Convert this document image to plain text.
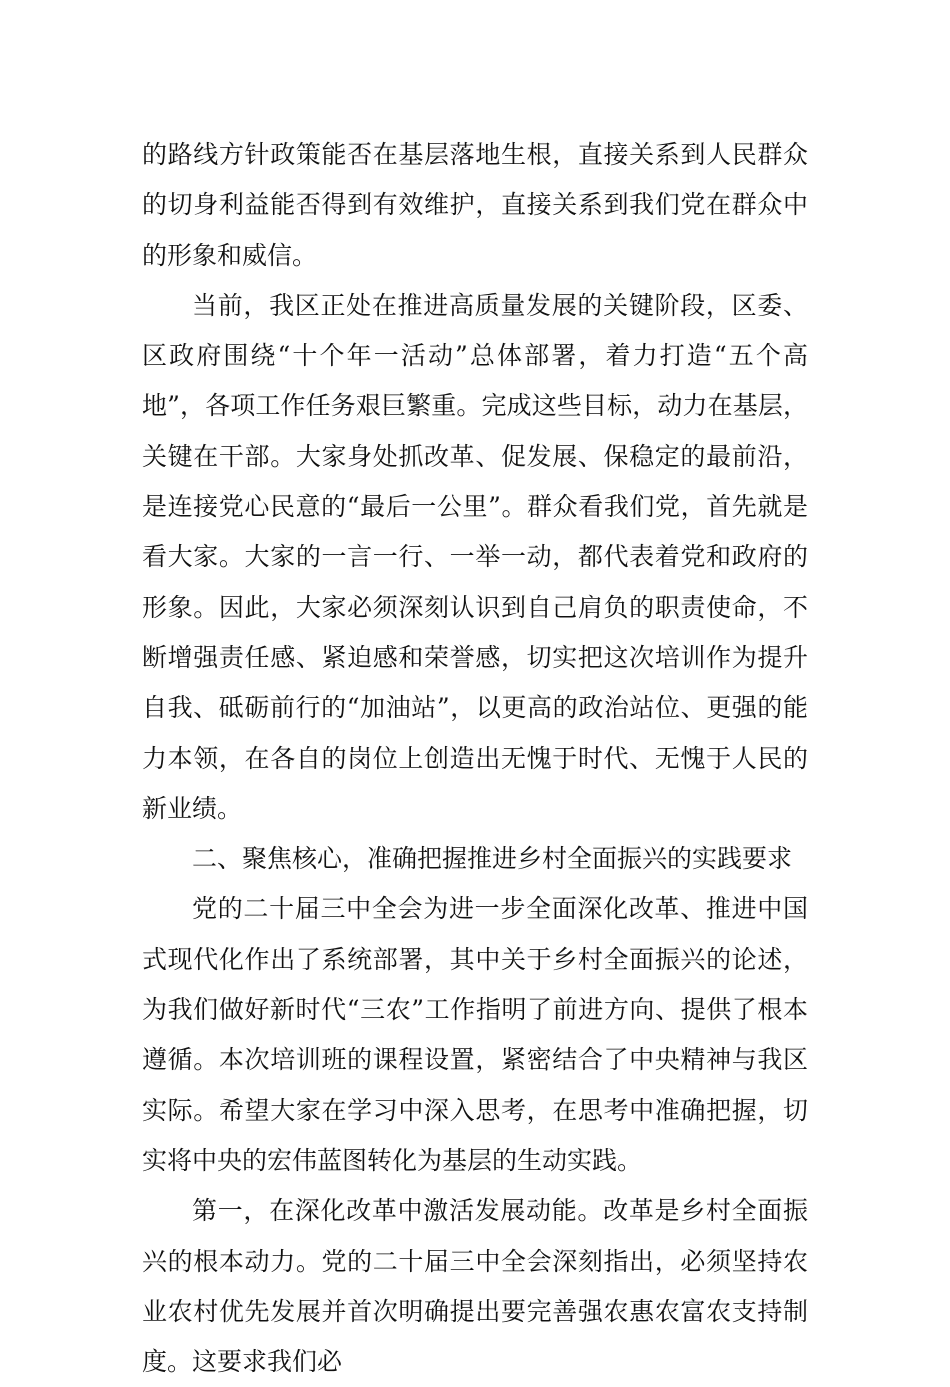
的路线方针政策能否在基层落地生根，直接关系到人民群众的切身利益能否得到有效维护，直接关系到我们党在群众中的形象和威信。

当前，我区正处在推进高质量发展的关键阶段，区委、区政府围绕“十个年一活动”总体部署，着力打造“五个高地”，各项工作任务艰巨繁重。完成这些目标，动力在基层，关键在干部。大家身处抓改革、促发展、保稳定的最前沿，是连接党心民意的“最后一公里”。群众看我们党，首先就是看大家。大家的一言一行、一举一动，都代表着党和政府的形象。因此，大家必须深刻认识到自己肩负的职责使命，不断增强责任感、紧迫感和荣誉感，切实把这次培训作为提升自我、砥砺前行的“加油站”，以更高的政治站位、更强的能力本领，在各自的岗位上创造出无愧于时代、无愧于人民的新业绩。

二、聚焦核心，准确把握推进乡村全面振兴的实践要求

党的二十届三中全会为进一步全面深化改革、推进中国式现代化作出了系统部署，其中关于乡村全面振兴的论述，为我们做好新时代“三农”工作指明了前进方向、提供了根本遵循。本次培训班的课程设置，紧密结合了中央精神与我区实际。希望大家在学习中深入思考，在思考中准确把握，切实将中央的宏伟蓝图转化为基层的生动实践。

第一，在深化改革中激活发展动能。改革是乡村全面振兴的根本动力。党的二十届三中全会深刻指出，必须坚持农业农村优先发展并首次明确提出要完善强农惠农富农支持制度。这要求我们必
